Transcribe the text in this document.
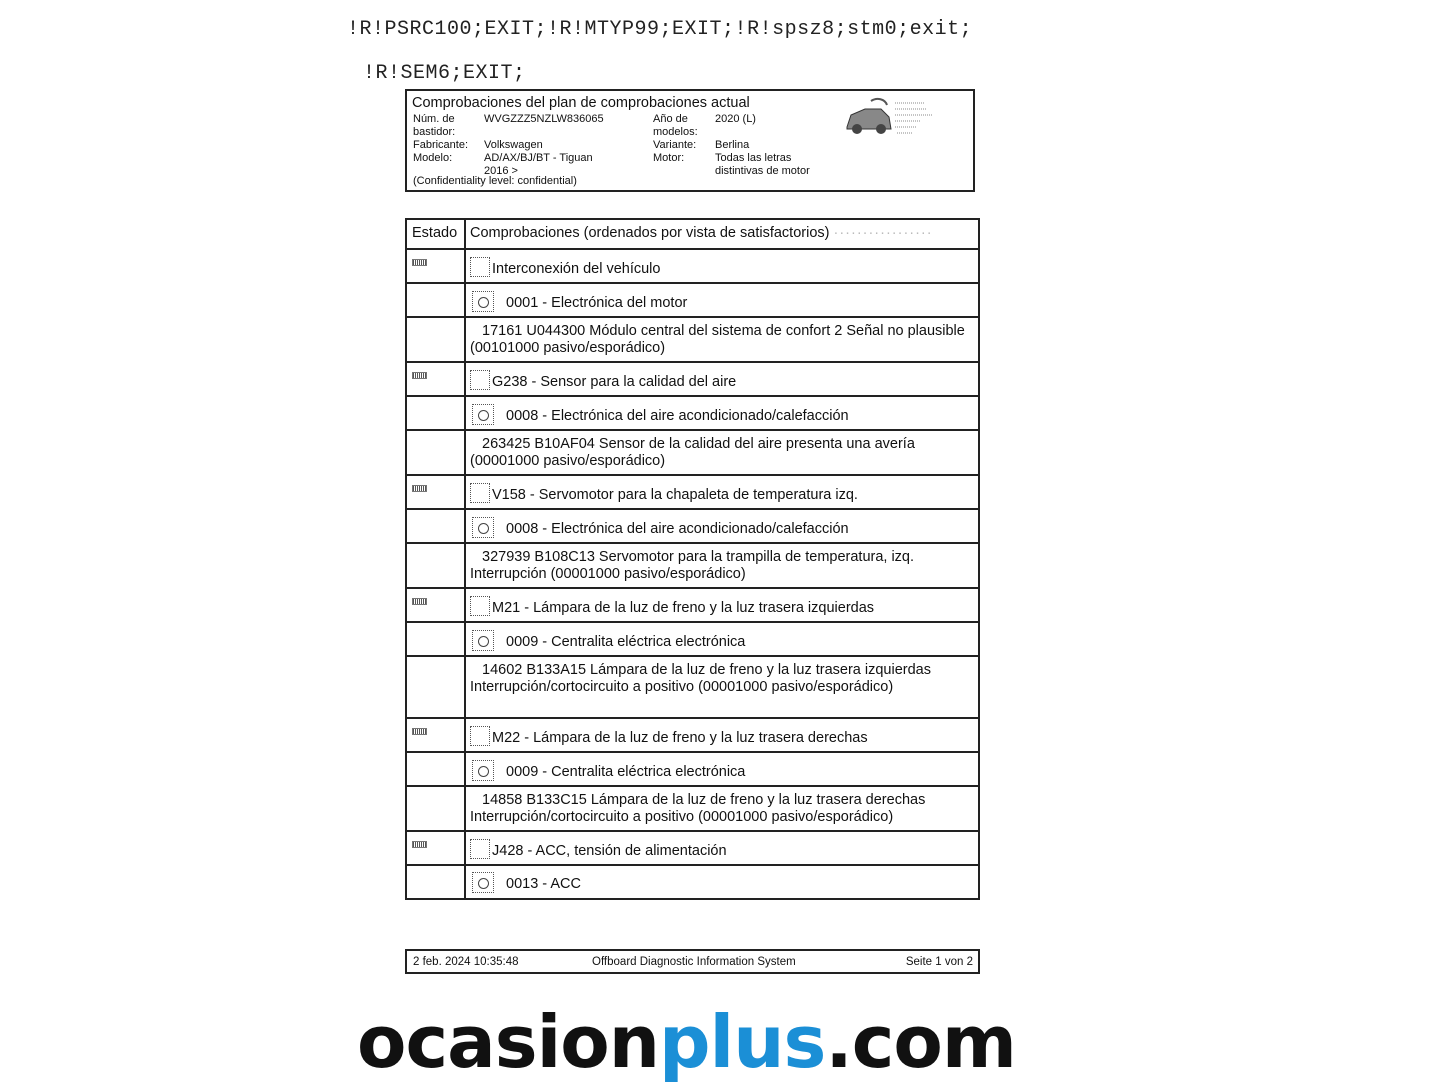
!R!PSRC100;EXIT;!R!MTYP99;EXIT;!R!spsz8;stm0;exit;
!R!SEM6;EXIT;
Comprobaciones del plan de comprobaciones actual
Núm. de bastidor:
WVGZZZ5NZLW836065
Fabricante: Volkswagen
Modelo:	AD/AX/BJ/BT - Tiguan 2016 >
Año de modelos:
2020 (L)
Variante: Berlina
Motor:	Todas las letras distintivas de motor
(Confidentiality level: confidential)
Estado Comprobaciones (ordenados por vista de satisfactorios) ·················
Interconexión del vehículo
0001 - Electrónica del motor
17161 U044300 Módulo central del sistema de confort 2 Señal no plausible (00101000 pasivo/esporádico)
G238 - Sensor para la calidad del aire
0008 - Electrónica del aire acondicionado/calefacción
263425 B10AF04 Sensor de la calidad del aire presenta una avería (00001000 pasivo/esporádico)
V158 - Servomotor para la chapaleta de temperatura izq.
0008 - Electrónica del aire acondicionado/calefacción
327939 B108C13 Servomotor para la trampilla de temperatura, izq. Interrupción (00001000 pasivo/esporádico)
M21 - Lámpara de la luz de freno y la luz trasera izquierdas
0009 - Centralita eléctrica electrónica
14602 B133A15 Lámpara de la luz de freno y la luz trasera izquierdas Interrupción/cortocircuito a positivo (00001000 pasivo/esporádico)
M22 - Lámpara de la luz de freno y la luz trasera derechas
0009 - Centralita eléctrica electrónica
14858 B133C15 Lámpara de la luz de freno y la luz trasera derechas Interrupción/cortocircuito a positivo (00001000 pasivo/esporádico)
J428 - ACC, tensión de alimentación
0013 - ACC
2 feb. 2024 10:35:48	Offboard Diagnostic Information System	Seite 1 von 2
ocasionplus.com
